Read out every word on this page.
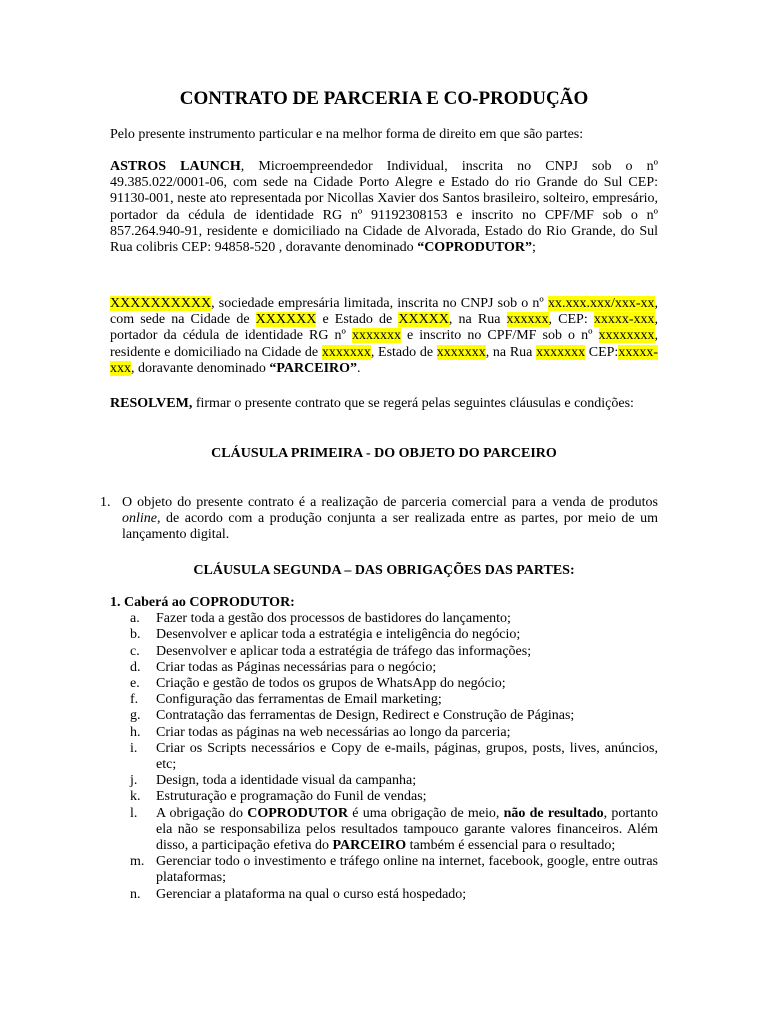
CONTRATO DE PARCERIA E CO-PRODUÇÃO

Pelo presente instrumento particular e na melhor forma de direito em que são partes:

ASTROS LAUNCH, Microempreendedor Individual, inscrita no CNPJ sob o nº 49.385.022/0001-06, com sede na Cidade Porto Alegre e Estado do rio Grande do Sul CEP: 91130-001, neste ato representada por Nicollas Xavier dos Santos brasileiro, solteiro, empresário, portador da cédula de identidade RG nº 91192308153 e inscrito no CPF/MF sob o nº 857.264.940-91, residente e domiciliado na Cidade de Alvorada, Estado do Rio Grande, do Sul Rua colibris CEP: 94858-520 , doravante denominado “COPRODUTOR”;

XXXXXXXXXX, sociedade empresária limitada, inscrita no CNPJ sob o nº xx.xxx.xxx/xxx-xx, com sede na Cidade de XXXXXX e Estado de XXXXX, na Rua xxxxxx, CEP: xxxxx-xxx, portador da cédula de identidade RG nº xxxxxxx e inscrito no CPF/MF sob o nº xxxxxxxx, residente e domiciliado na Cidade de xxxxxxx, Estado de xxxxxxx, na Rua xxxxxxx CEP:xxxxx-xxx, doravante denominado “PARCEIRO”.

RESOLVEM, firmar o presente contrato que se regerá pelas seguintes cláusulas e condições:

CLÁUSULA PRIMEIRA - DO OBJETO DO PARCEIRO

1. O objeto do presente contrato é a realização de parceria comercial para a venda de produtos online, de acordo com a produção conjunta a ser realizada entre as partes, por meio de um lançamento digital.

CLÁUSULA SEGUNDA – DAS OBRIGAÇÕES DAS PARTES:

1. Caberá ao COPRODUTOR:
a. Fazer toda a gestão dos processos de bastidores do lançamento;
b. Desenvolver e aplicar toda a estratégia e inteligência do negócio;
c. Desenvolver e aplicar toda a estratégia de tráfego das informações;
d. Criar todas as Páginas necessárias para o negócio;
e. Criação e gestão de todos os grupos de WhatsApp do negócio;
f. Configuração das ferramentas de Email marketing;
g. Contratação das ferramentas de Design, Redirect e Construção de Páginas;
h. Criar todas as páginas na web necessárias ao longo da parceria;
i. Criar os Scripts necessários e Copy de e-mails, páginas, grupos, posts, lives, anúncios, etc;
j. Design, toda a identidade visual da campanha;
k. Estruturação e programação do Funil de vendas;
l. A obrigação do COPRODUTOR é uma obrigação de meio, não de resultado, portanto ela não se responsabiliza pelos resultados tampouco garante valores financeiros. Além disso, a participação efetiva do PARCEIRO também é essencial para o resultado;
m. Gerenciar todo o investimento e tráfego online na internet, facebook, google, entre outras plataformas;
n. Gerenciar a plataforma na qual o curso está hospedado;
